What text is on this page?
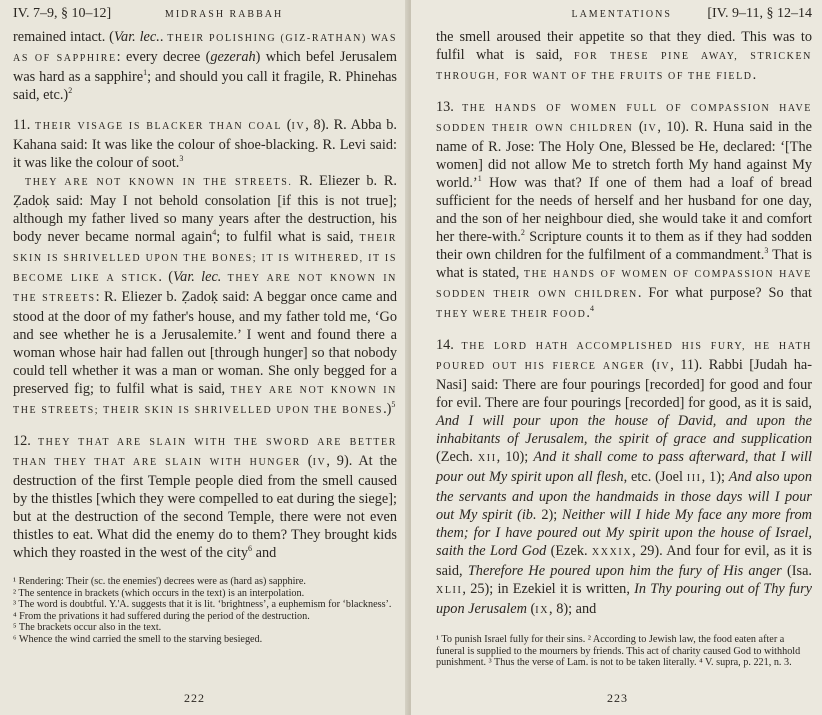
IV. 7–9, § 10–12]	MIDRASH RABBAH

remained intact. (Var. lec.. THEIR POLISHING (GIZ-RATHAN) WAS AS OF SAPPHIRE: every decree (gezerah) which befel Jerusalem was hard as a sapphire$^1$; and should you call it fragile, R. Phinehas said, etc.)$^2$

11. THEIR VISAGE IS BLACKER THAN COAL (IV, 8). R. Abba b. Kahana said: It was like the colour of shoe-blacking. R. Levi said: it was like the colour of soot.$^3$

THEY ARE NOT KNOWN IN THE STREETS. R. Eliezer b. R. Ẓadoḳ said: May I not behold consolation [if this is not true]; although my father lived so many years after the destruction, his body never became normal again$^4$; to fulfil what is said, THEIR SKIN IS SHRIVELLED UPON THE BONES; IT IS WITHERED, IT IS BECOME LIKE A STICK. (Var. lec. THEY ARE NOT KNOWN IN THE STREETS: R. Eliezer b. Ẓadoḳ said: A beggar once came and stood at the door of my father's house, and my father told me, ‘Go and see whether he is a Jerusalemite.’ I went and found there a woman whose hair had fallen out [through hunger] so that nobody could tell whether it was a man or woman. She only begged for a preserved fig; to fulfil what is said, THEY ARE NOT KNOWN IN THE STREETS; THEIR SKIN IS SHRIVELLED UPON THE BONES.)$^5$

12. THEY THAT ARE SLAIN WITH THE SWORD ARE BETTER THAN THEY THAT ARE SLAIN WITH HUNGER (IV, 9). At the destruction of the first Temple people died from the smell caused by the thistles [which they were compelled to eat during the siege]; but at the destruction of the second Temple, there were not even thistles to eat. What did the enemy do to them? They brought kids which they roasted in the west of the city$^6$ and

¹ Rendering: Their (sc. the enemies') decrees were as (hard as) sapphire.
² The sentence in brackets (which occurs in the text) is an interpolation.
³ The word is doubtful. Y.'A. suggests that it is lit. ‘brightness’, a euphemism for ‘blackness’.
⁴ From the privations it had suffered during the period of the destruction.
⁵ The brackets occur also in the text.
⁶ Whence the wind carried the smell to the starving besieged.
222
LAMENTATIONS	[IV. 9–11, § 12–14

the smell aroused their appetite so that they died. This was to fulfil what is said, FOR THESE PINE AWAY, STRICKEN THROUGH, FOR WANT OF THE FRUITS OF THE FIELD.

13. THE HANDS OF WOMEN FULL OF COMPASSION HAVE SODDEN THEIR OWN CHILDREN (IV, 10). R. Huna said in the name of R. Jose: The Holy One, Blessed be He, declared: ‘[The women] did not allow Me to stretch forth My hand against My world.’$^1$ How was that? If one of them had a loaf of bread sufficient for the needs of herself and her husband for one day, and the son of her neighbour died, she would take it and comfort her there-with.$^2$ Scripture counts it to them as if they had sodden their own children for the fulfilment of a commandment.$^3$ That is what is stated, THE HANDS OF WOMEN OF COMPASSION HAVE SODDEN THEIR OWN CHILDREN. For what purpose? So that THEY WERE THEIR FOOD.$^4$

14. THE LORD HATH ACCOMPLISHED HIS FURY, HE HATH POURED OUT HIS FIERCE ANGER (IV, 11). Rabbi [Judah ha-Nasi] said: There are four pourings [recorded] for good and four for evil. There are four pourings [recorded] for good, as it is said, And I will pour upon the house of David, and upon the inhabitants of Jerusalem, the spirit of grace and supplication (Zech. XII, 10); And it shall come to pass afterward, that I will pour out My spirit upon all flesh, etc. (Joel III, 1); And also upon the servants and upon the handmaids in those days will I pour out My spirit (ib. 2); Neither will I hide My face any more from them; for I have poured out My spirit upon the house of Israel, saith the Lord God (Ezek. XXXIX, 29). And four for evil, as it is said, Therefore He poured upon him the fury of His anger (Isa. XLII, 25); in Ezekiel it is written, In Thy pouring out of Thy fury upon Jerusalem (IX, 8); and

¹ To punish Israel fully for their sins. ² According to Jewish law, the food eaten after a funeral is supplied to the mourners by friends. This act of charity caused God to withhold punishment. ³ Thus the verse of Lam. is not to be taken literally. ⁴ V. supra, p. 221, n. 3.
223
